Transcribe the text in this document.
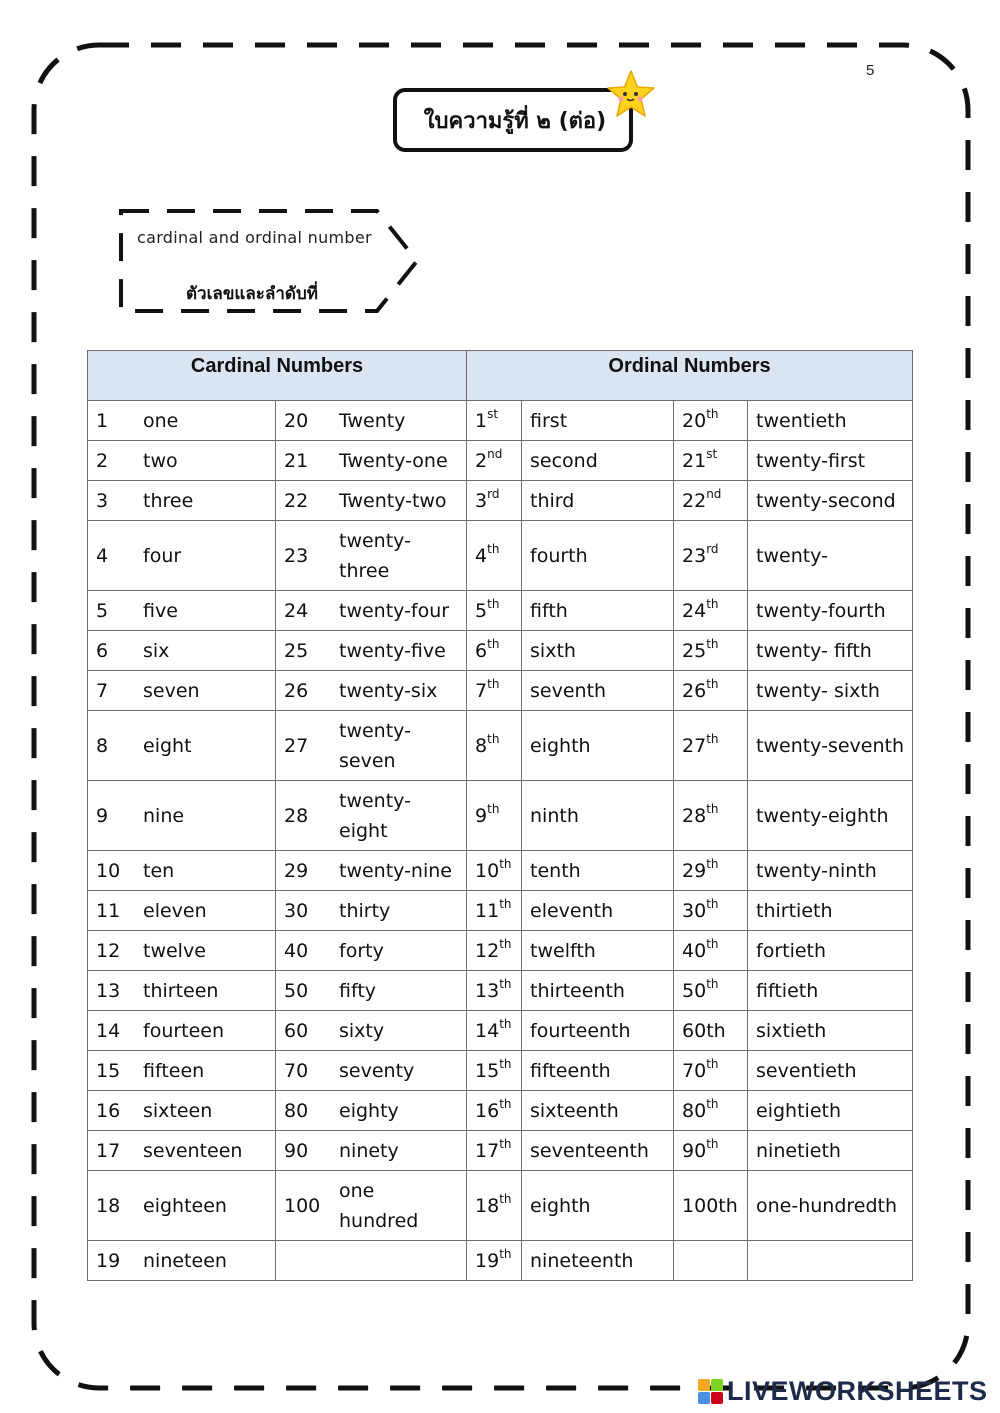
5
ใบความรู้ที่ ๒ (ต่อ)
cardinal and ordinal number
ตัวเลขและลำดับที่
Cardinal Numbers		Ordinal Numbers			

1 one	20 Twenty	1st	first	20th	twentieth

2 two	21 Twenty-one	2nd	second	21st	twenty-first

3 three	22 Twenty-two	3rd	third	22nd	twenty-second

4 four	23
twenty-three	4th	fourth	23rd	twenty-

5 five	24 twenty-four	5th	fifth	24th	twenty-fourth

6 six	25 twenty-five	6th	sixth	25th	twenty- fifth

7 seven	26 twenty-six	7th	seventh	26th	twenty- sixth

8 eight	27
twenty-seven	8th	eighth	27th	twenty-seventh

9 nine	28
twenty-eight	9th	ninth	28th	twenty-eighth

10 ten	29 twenty-nine	10th	tenth	29th	twenty-ninth

11 eleven	30 thirty	11th	eleventh	30th	thirtieth

12 twelve	40 forty	12th	twelfth	40th	fortieth

13 thirteen	50 fifty	13th	thirteenth	50th	fiftieth

14 fourteen	60 sixty	14th	fourteenth	60th	sixtieth

15 fifteen	70 seventy	15th	fifteenth	70th	seventieth

16 sixteen	80 eighty	16th	sixteenth	80th	eightieth

17 seventeen	90 ninety	17th	seventeenth	90th	ninetieth

18 eighteen	100
one hundred	18th	eighth	100th	one-hundredth

19 nineteen		19th	nineteenth		
LIVEWORKSHEETS
